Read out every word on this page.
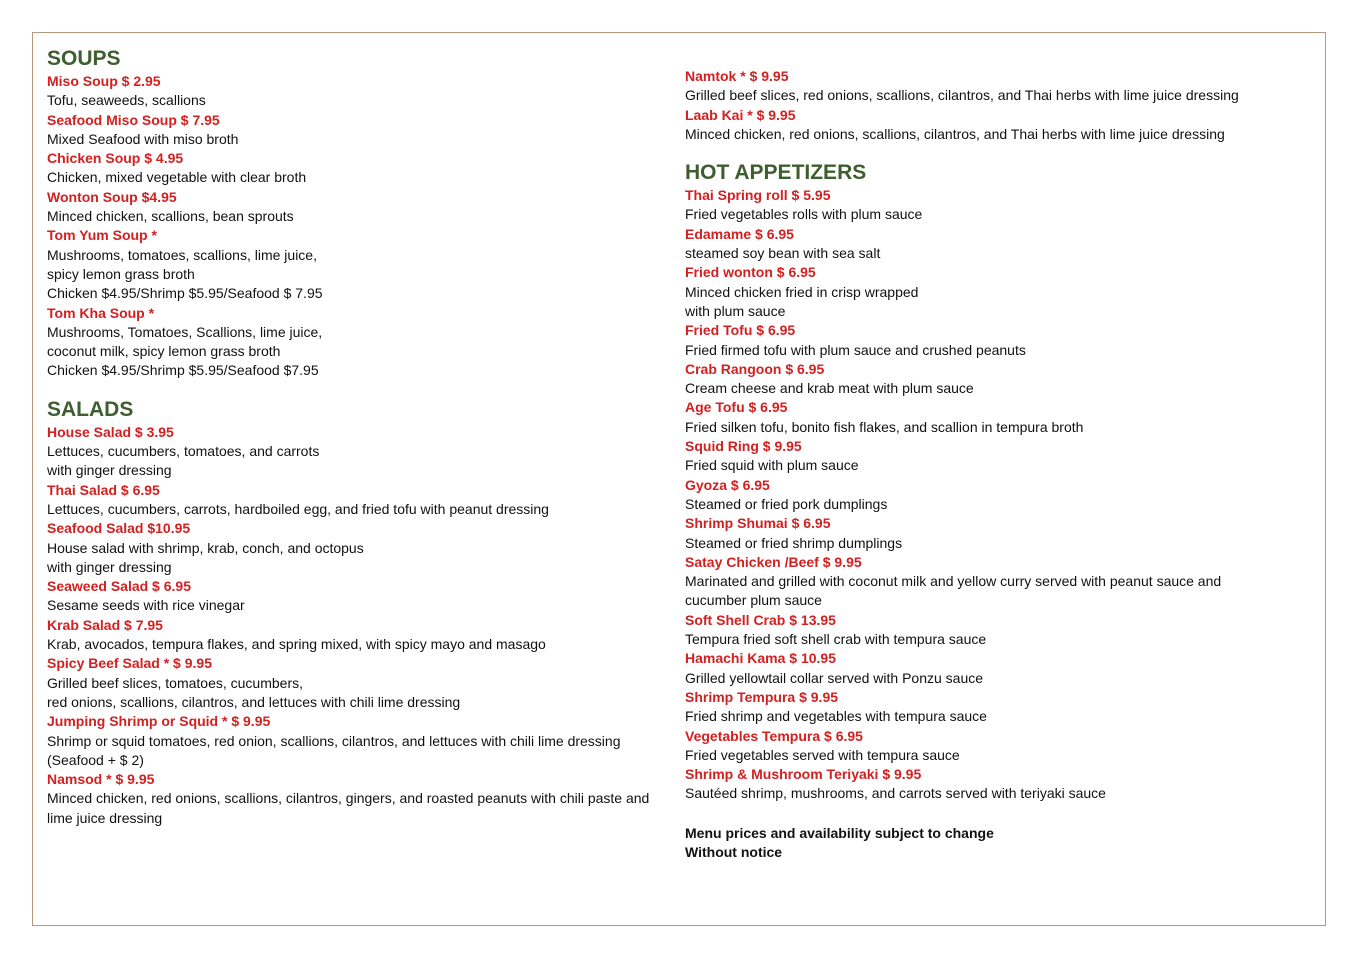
SOUPS
Miso Soup $ 2.95
Tofu, seaweeds, scallions
Seafood Miso Soup $ 7.95
Mixed Seafood with miso broth
Chicken Soup $ 4.95
Chicken, mixed vegetable with clear broth
Wonton Soup $4.95
Minced chicken, scallions, bean sprouts
Tom Yum Soup *
Mushrooms, tomatoes, scallions, lime juice,
spicy lemon grass broth
Chicken $4.95/Shrimp $5.95/Seafood $ 7.95
Tom Kha Soup *
Mushrooms, Tomatoes, Scallions, lime juice,
coconut milk, spicy lemon grass broth
Chicken $4.95/Shrimp $5.95/Seafood $7.95
SALADS
House Salad $ 3.95
Lettuces, cucumbers, tomatoes, and carrots
with ginger dressing
Thai Salad $ 6.95
Lettuces, cucumbers, carrots, hardboiled egg, and fried tofu with peanut dressing
Seafood Salad $10.95
House salad with shrimp, krab, conch, and octopus
with ginger dressing
Seaweed Salad $ 6.95
Sesame seeds with rice vinegar
Krab Salad $ 7.95
Krab, avocados, tempura flakes, and spring mixed, with spicy mayo and masago
Spicy Beef Salad * $ 9.95
Grilled beef slices, tomatoes, cucumbers,
red onions, scallions, cilantros, and lettuces with chili lime dressing
Jumping Shrimp or Squid * $ 9.95
Shrimp or squid tomatoes, red onion, scallions, cilantros, and lettuces with chili lime dressing
(Seafood + $ 2)
Namsod * $ 9.95
Minced chicken, red onions, scallions, cilantros, gingers, and roasted peanuts with chili paste and
lime juice dressing
Namtok * $ 9.95
Grilled beef slices, red onions, scallions, cilantros, and Thai herbs with lime juice dressing
Laab Kai * $ 9.95
Minced chicken, red onions, scallions, cilantros, and Thai herbs with lime juice dressing
HOT APPETIZERS
Thai Spring roll $ 5.95
Fried vegetables rolls with plum sauce
Edamame $ 6.95
steamed soy bean with sea salt
Fried wonton $ 6.95
Minced chicken fried in crisp wrapped
with plum sauce
Fried Tofu $ 6.95
Fried firmed tofu with plum sauce and crushed peanuts
Crab Rangoon $ 6.95
Cream cheese and krab meat with plum sauce
Age Tofu $ 6.95
Fried silken tofu, bonito fish flakes, and scallion in tempura broth
Squid Ring $ 9.95
Fried squid with plum sauce
Gyoza $ 6.95
Steamed or fried pork dumplings
Shrimp Shumai $ 6.95
Steamed or fried shrimp dumplings
Satay Chicken /Beef $ 9.95
Marinated and grilled with coconut milk and yellow curry served with peanut sauce and
cucumber plum sauce
Soft Shell Crab $ 13.95
Tempura fried soft shell crab with tempura sauce
Hamachi Kama $ 10.95
Grilled yellowtail collar served with Ponzu sauce
Shrimp Tempura $ 9.95
Fried shrimp and vegetables with tempura sauce
Vegetables Tempura $ 6.95
Fried vegetables served with tempura sauce
Shrimp & Mushroom Teriyaki $ 9.95
Sautéed shrimp, mushrooms, and carrots served with teriyaki sauce
Menu prices and availability subject to change
Without notice
